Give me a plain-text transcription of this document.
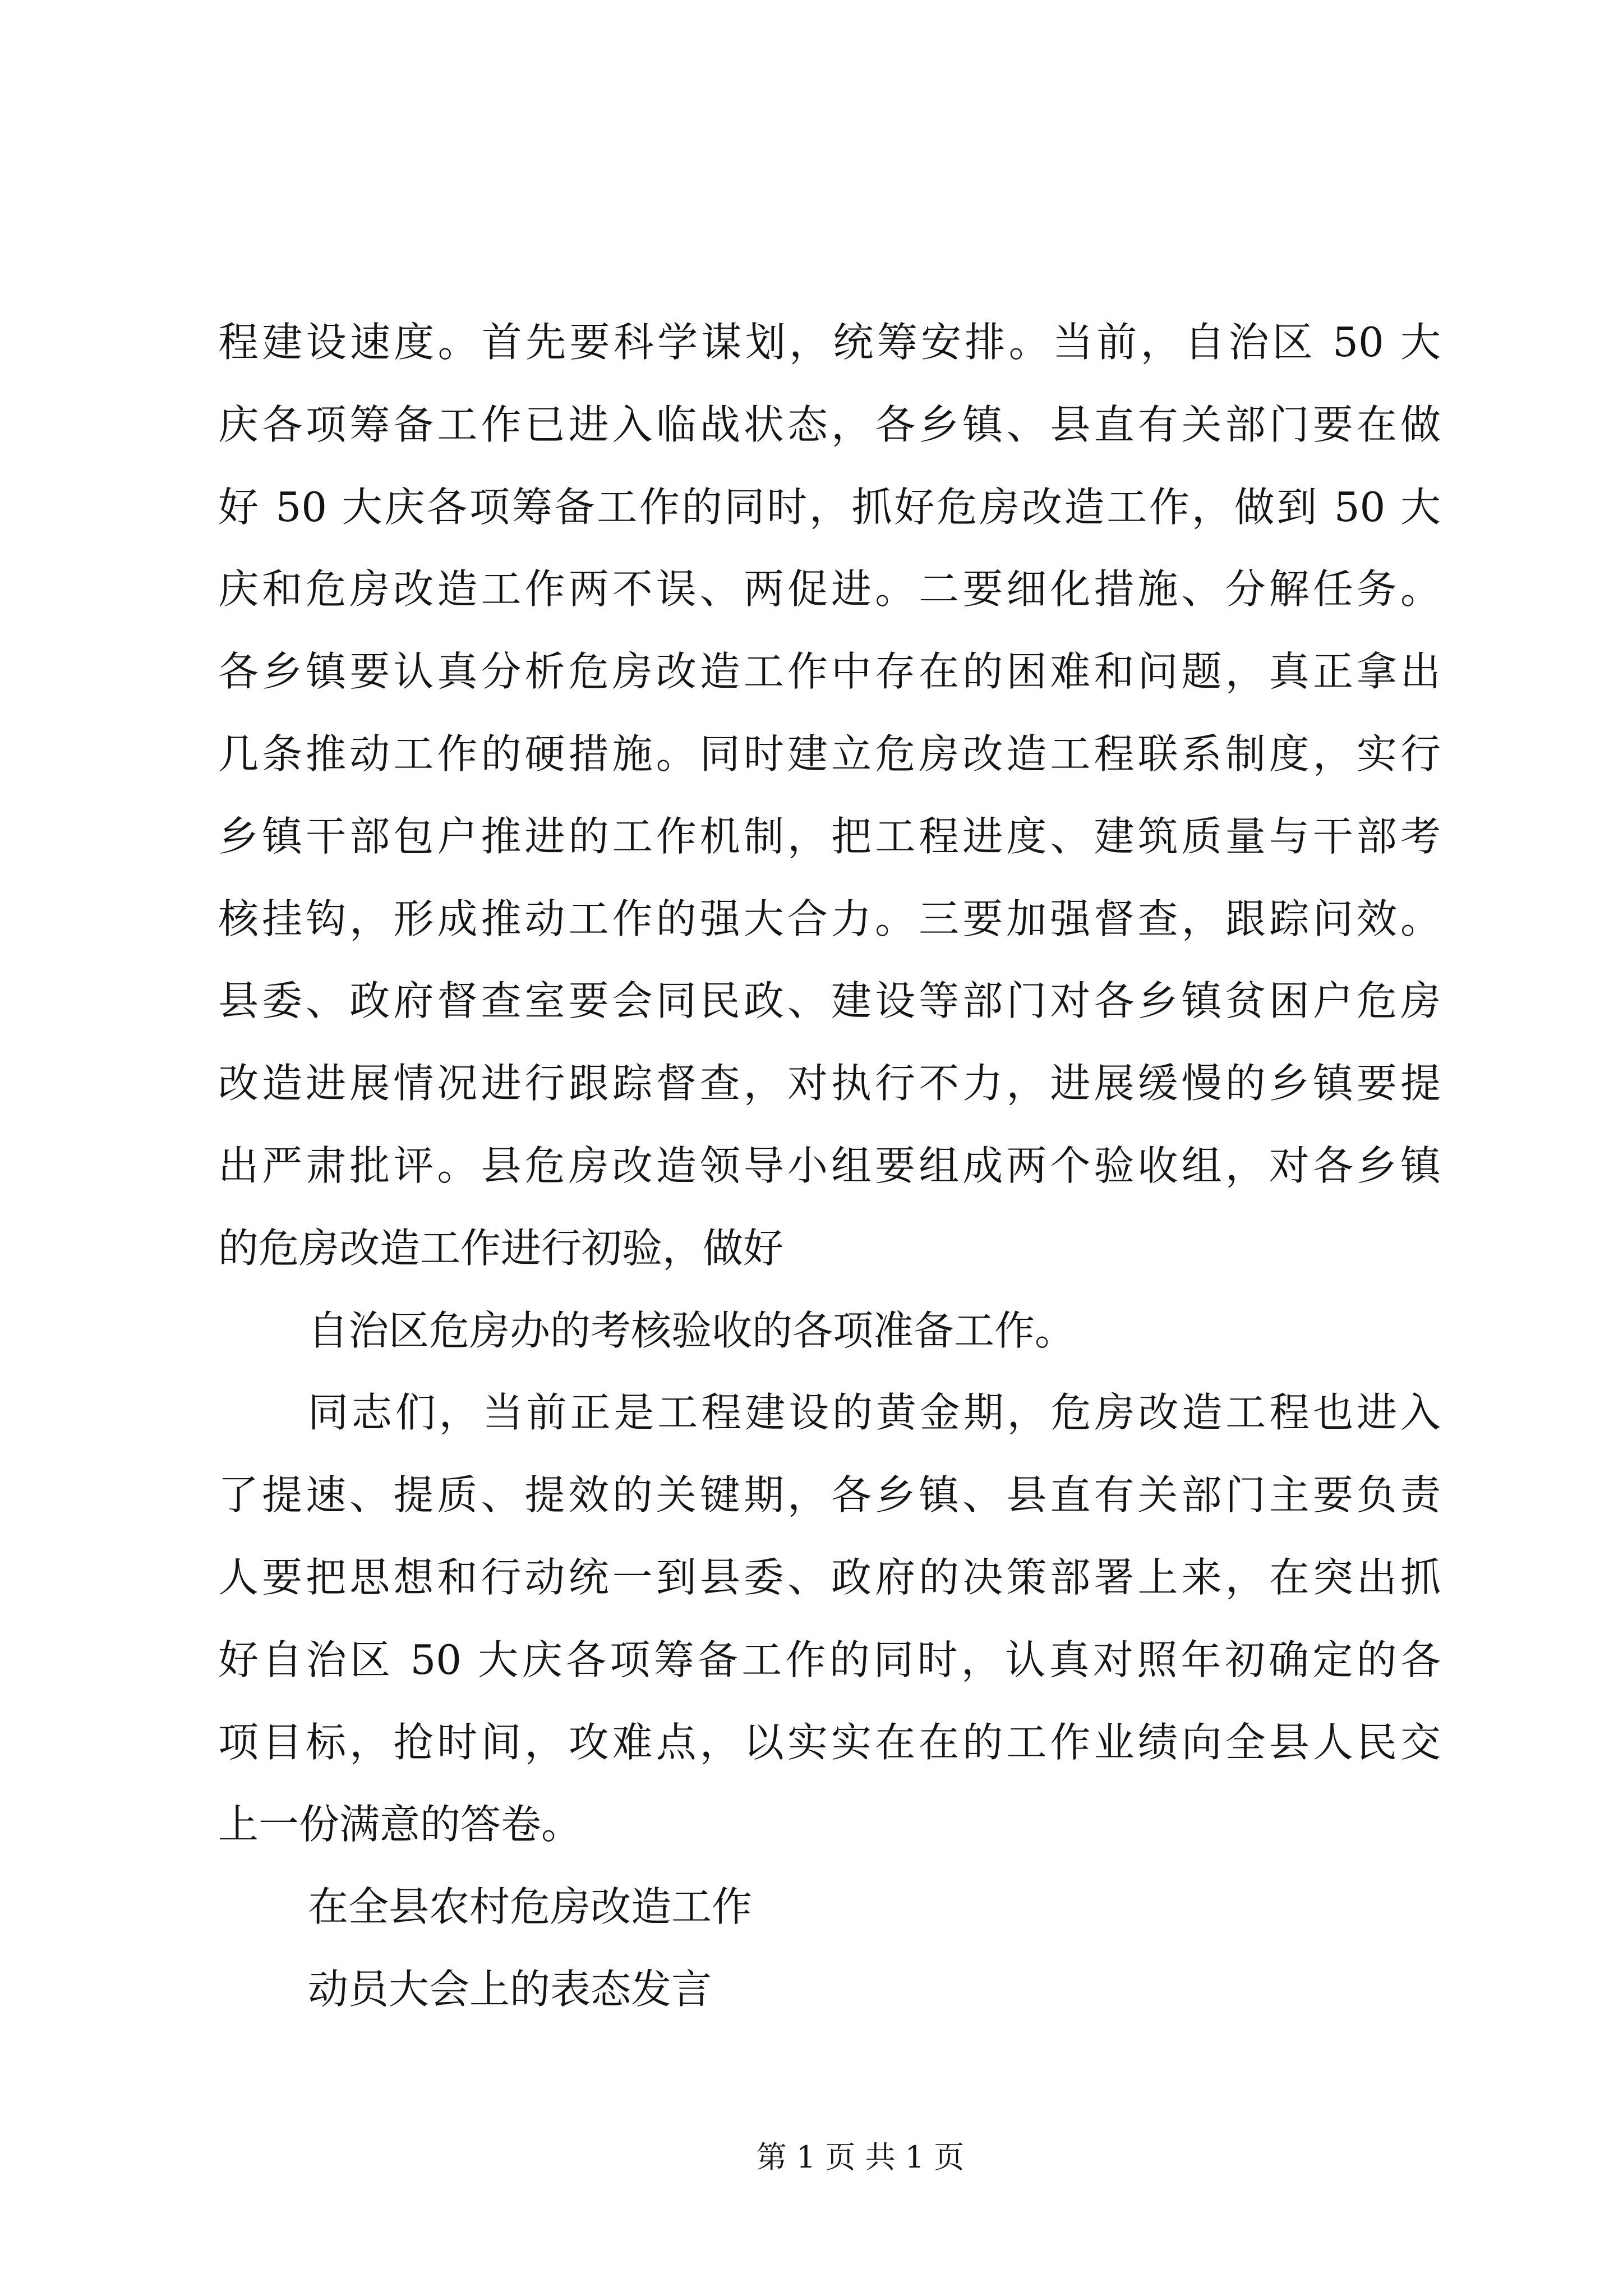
程建设速度。首先要科学谋划，统筹安排。当前，自治区 50 大
庆各项筹备工作已进入临战状态，各乡镇、县直有关部门要在做
好 50 大庆各项筹备工作的同时，抓好危房改造工作，做到 50 大
庆和危房改造工作两不误、两促进。二要细化措施、分解任务。
各乡镇要认真分析危房改造工作中存在的困难和问题，真正拿出
几条推动工作的硬措施。同时建立危房改造工程联系制度，实行
乡镇干部包户推进的工作机制，把工程进度、建筑质量与干部考
核挂钩，形成推动工作的强大合力。三要加强督查，跟踪问效。
县委、政府督查室要会同民政、建设等部门对各乡镇贫困户危房
改造进展情况进行跟踪督查，对执行不力，进展缓慢的乡镇要提
出严肃批评。县危房改造领导小组要组成两个验收组，对各乡镇
的危房改造工作进行初验，做好
自治区危房办的考核验收的各项准备工作。
同志们，当前正是工程建设的黄金期，危房改造工程也进入
了提速、提质、提效的关键期，各乡镇、县直有关部门主要负责
人要把思想和行动统一到县委、政府的决策部署上来，在突出抓
好自治区 50 大庆各项筹备工作的同时，认真对照年初确定的各
项目标，抢时间，攻难点，以实实在在的工作业绩向全县人民交
上一份满意的答卷。
在全县农村危房改造工作
动员大会上的表态发言
第 1 页 共 1 页
